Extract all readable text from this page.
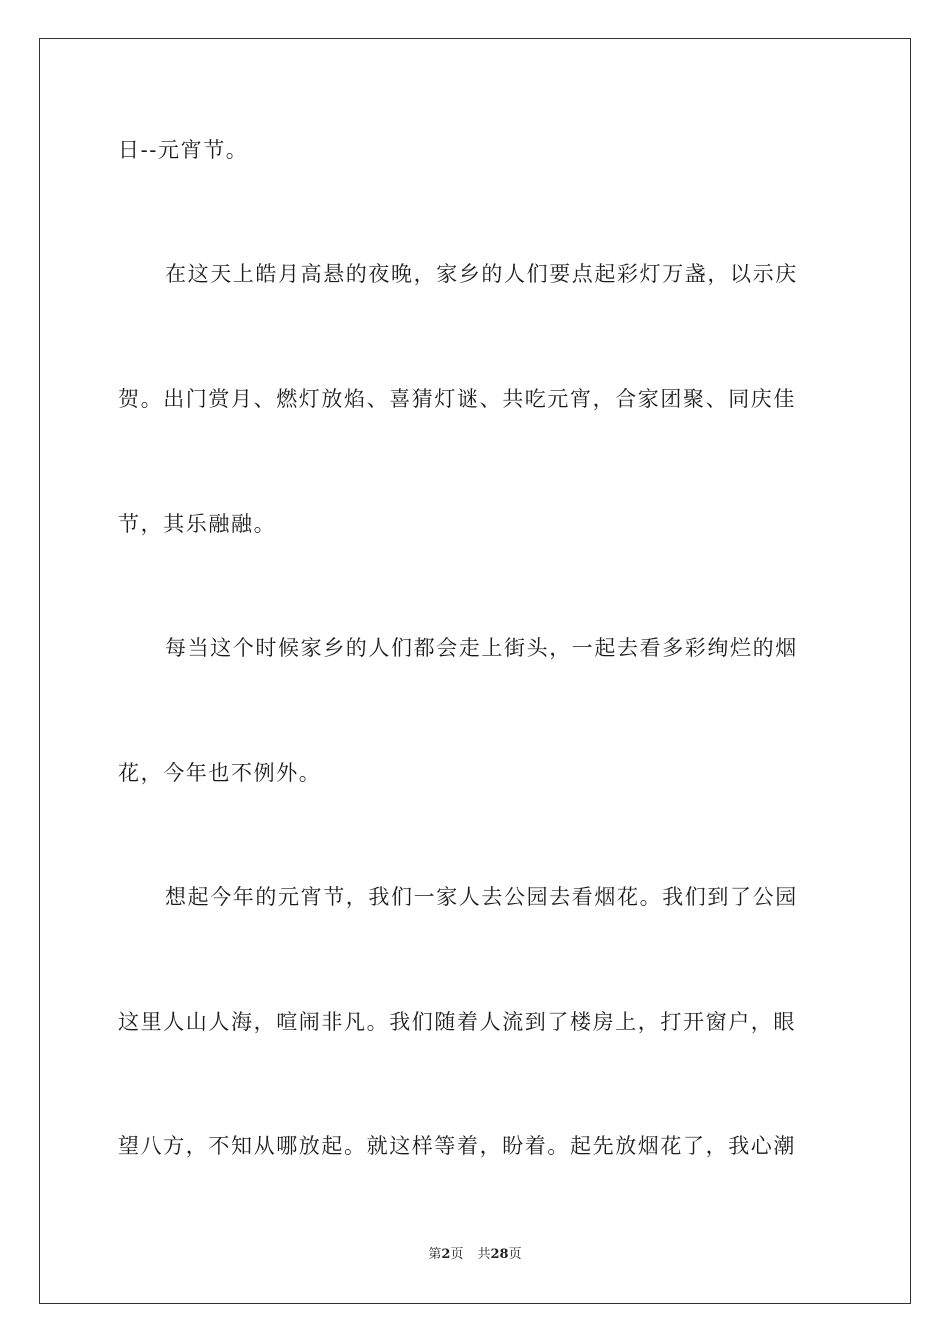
日--元宵节。
在这天上皓月高悬的夜晚，家乡的人们要点起彩灯万盏，以示庆
贺。出门赏月、燃灯放焰、喜猜灯谜、共吃元宵，合家团聚、同庆佳
节，其乐融融。
每当这个时候家乡的人们都会走上街头，一起去看多彩绚烂的烟
花，今年也不例外。
想起今年的元宵节，我们一家人去公园去看烟花。我们到了公园
这里人山人海，喧闹非凡。我们随着人流到了楼房上，打开窗户，眼
望八方，不知从哪放起。就这样等着，盼着。起先放烟花了，我心潮
第2页 共28页
